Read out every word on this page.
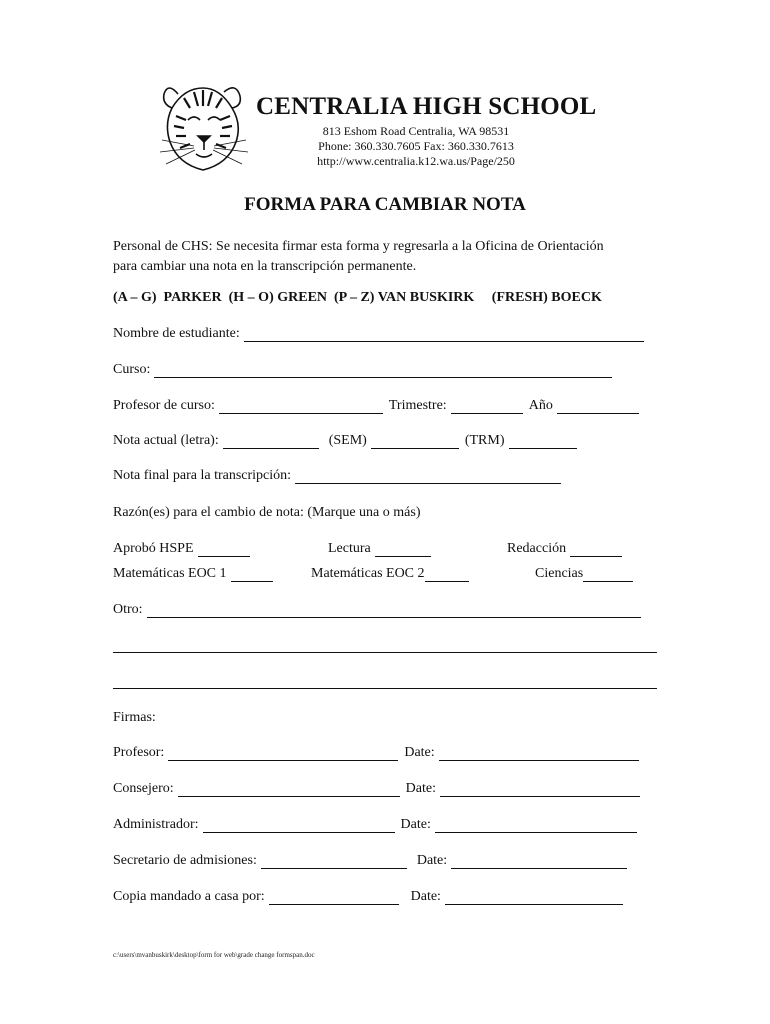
CENTRALIA HIGH SCHOOL
813 Eshom Road Centralia, WA 98531
Phone: 360.330.7605 Fax: 360.330.7613
http://www.centralia.k12.wa.us/Page/250
FORMA PARA CAMBIAR NOTA
Personal de CHS: Se necesita firmar esta forma y regresarla a la Oficina de Orientación
para cambiar una nota en la transcripción permanente.
(A – G)  PARKER  (H – O) GREEN  (P – Z) VAN BUSKIRK     (FRESH) BOECK
Nombre de estudiante:
Curso:
Profesor de curso:	Trimestre:	Año
Nota actual (letra):	(SEM)	(TRM)
Nota final para la transcripción:
Razón(es) para el cambio de nota: (Marque una o más)
Aprobó HSPE	Lectura	Redacción
Matemáticas EOC 1	Matemáticas EOC 2	Ciencias
Otro:
Firmas:
Profesor:	Date:
Consejero:	Date:
Administrador:	Date:
Secretario de admisiones:	Date:
Copia mandado a casa por:	Date:
c:\users\mvanbuskirk\desktop\form for web\grade change formspan.doc
